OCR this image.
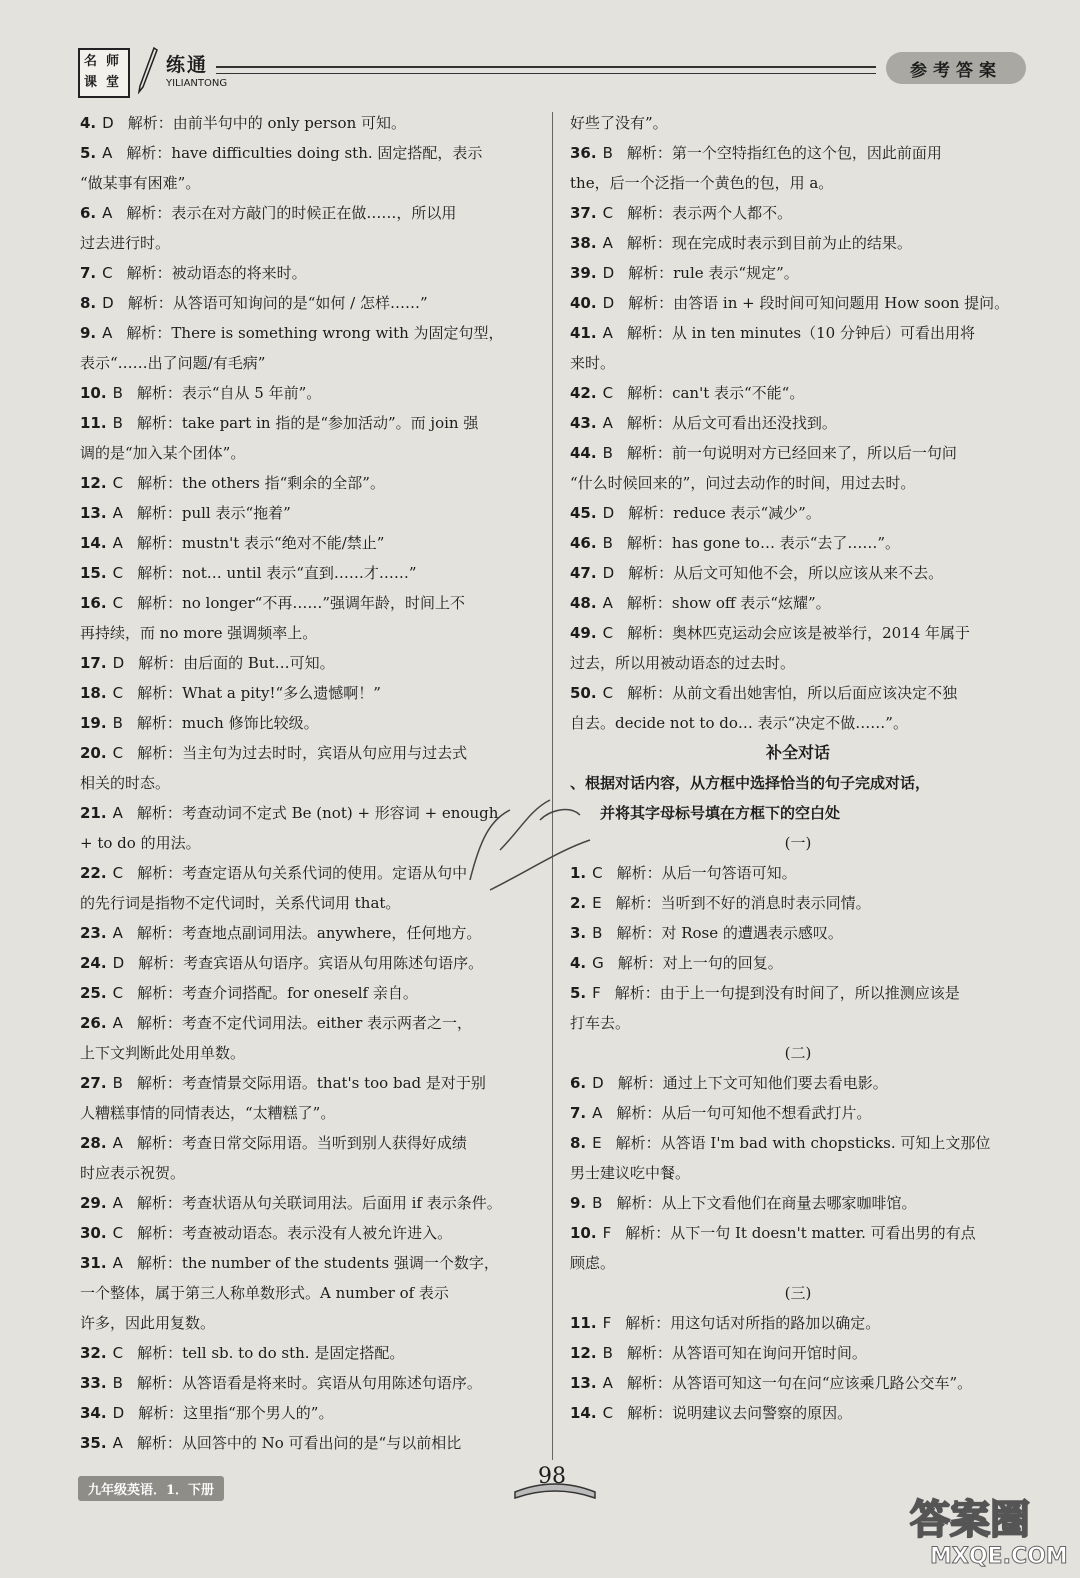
名 师
课 堂
练通
YILIANTONG
参考答案
4. D 解析：由前半句中的 only person 可知。
5. A 解析：have difficulties doing sth. 固定搭配，表示
“做某事有困难”。
6. A 解析：表示在对方敲门的时候正在做……，所以用
过去进行时。
7. C 解析：被动语态的将来时。
8. D 解析：从答语可知询问的是“如何 / 怎样……”
9. A 解析：There is something wrong with 为固定句型，
表示“……出了问题/有毛病”
10. B 解析：表示“自从 5 年前”。
11. B 解析：take part in 指的是“参加活动”。而 join 强
调的是“加入某个团体”。
12. C 解析：the others 指“剩余的全部”。
13. A 解析：pull 表示“拖着”
14. A 解析：mustn't 表示“绝对不能/禁止”
15. C 解析：not… until 表示“直到……才……”
16. C 解析：no longer“不再……”强调年龄，时间上不
再持续，而 no more 强调频率上。
17. D 解析：由后面的 But…可知。
18. C 解析：What a pity!“多么遗憾啊！”
19. B 解析：much 修饰比较级。
20. C 解析：当主句为过去时时，宾语从句应用与过去式
相关的时态。
21. A 解析：考查动词不定式 Be (not) + 形容词 + enough
+ to do 的用法。
22. C 解析：考查定语从句关系代词的使用。定语从句中
的先行词是指物不定代词时，关系代词用 that。
23. A 解析：考查地点副词用法。anywhere，任何地方。
24. D 解析：考查宾语从句语序。宾语从句用陈述句语序。
25. C 解析：考查介词搭配。for oneself 亲自。
26. A 解析：考查不定代词用法。either 表示两者之一，
上下文判断此处用单数。
27. B 解析：考查情景交际用语。that's too bad 是对于别
人糟糕事情的同情表达，“太糟糕了”。
28. A 解析：考查日常交际用语。当听到别人获得好成绩
时应表示祝贺。
29. A 解析：考查状语从句关联词用法。后面用 if 表示条件。
30. C 解析：考查被动语态。表示没有人被允许进入。
31. A 解析：the number of the students 强调一个数字，
一个整体，属于第三人称单数形式。A number of 表示
许多，因此用复数。
32. C 解析：tell sb. to do sth. 是固定搭配。
33. B 解析：从答语看是将来时。宾语从句用陈述句语序。
34. D 解析：这里指“那个男人的”。
35. A 解析：从回答中的 No 可看出问的是“与以前相比
好些了没有”。
36. B 解析：第一个空特指红色的这个包，因此前面用
the，后一个泛指一个黄色的包，用 a。
37. C 解析：表示两个人都不。
38. A 解析：现在完成时表示到目前为止的结果。
39. D 解析：rule 表示“规定”。
40. D 解析：由答语 in + 段时间可知问题用 How soon 提问。
41. A 解析：从 in ten minutes（10 分钟后）可看出用将
来时。
42. C 解析：can't 表示“不能“。
43. A 解析：从后文可看出还没找到。
44. B 解析：前一句说明对方已经回来了，所以后一句问
“什么时候回来的”，问过去动作的时间，用过去时。
45. D 解析：reduce 表示“减少”。
46. B 解析：has gone to… 表示“去了……”。
47. D 解析：从后文可知他不会，所以应该从来不去。
48. A 解析：show off 表示“炫耀”。
49. C 解析：奥林匹克运动会应该是被举行，2014 年属于
过去，所以用被动语态的过去时。
50. C 解析：从前文看出她害怕，所以后面应该决定不独
自去。decide not to do… 表示“决定不做……”。
补全对话
、根据对话内容，从方框中选择恰当的句子完成对话，
并将其字母标号填在方框下的空白处
(一)
1. C 解析：从后一句答语可知。
2. E 解析：当听到不好的消息时表示同情。
3. B 解析：对 Rose 的遭遇表示感叹。
4. G 解析：对上一句的回复。
5. F 解析：由于上一句提到没有时间了，所以推测应该是
打车去。
(二)
6. D 解析：通过上下文可知他们要去看电影。
7. A 解析：从后一句可知他不想看武打片。
8. E 解析：从答语 I'm bad with chopsticks. 可知上文那位
男士建议吃中餐。
9. B 解析：从上下文看他们在商量去哪家咖啡馆。
10. F 解析：从下一句 It doesn't matter. 可看出男的有点
顾虑。
(三)
11. F 解析：用这句话对所指的路加以确定。
12. B 解析：从答语可知在询问开馆时间。
13. A 解析：从答语可知这一句在问“应该乘几路公交车”。
14. C 解析：说明建议去问警察的原因。
九年级英语．1．下册
98
答案圈
MXQE.COM
